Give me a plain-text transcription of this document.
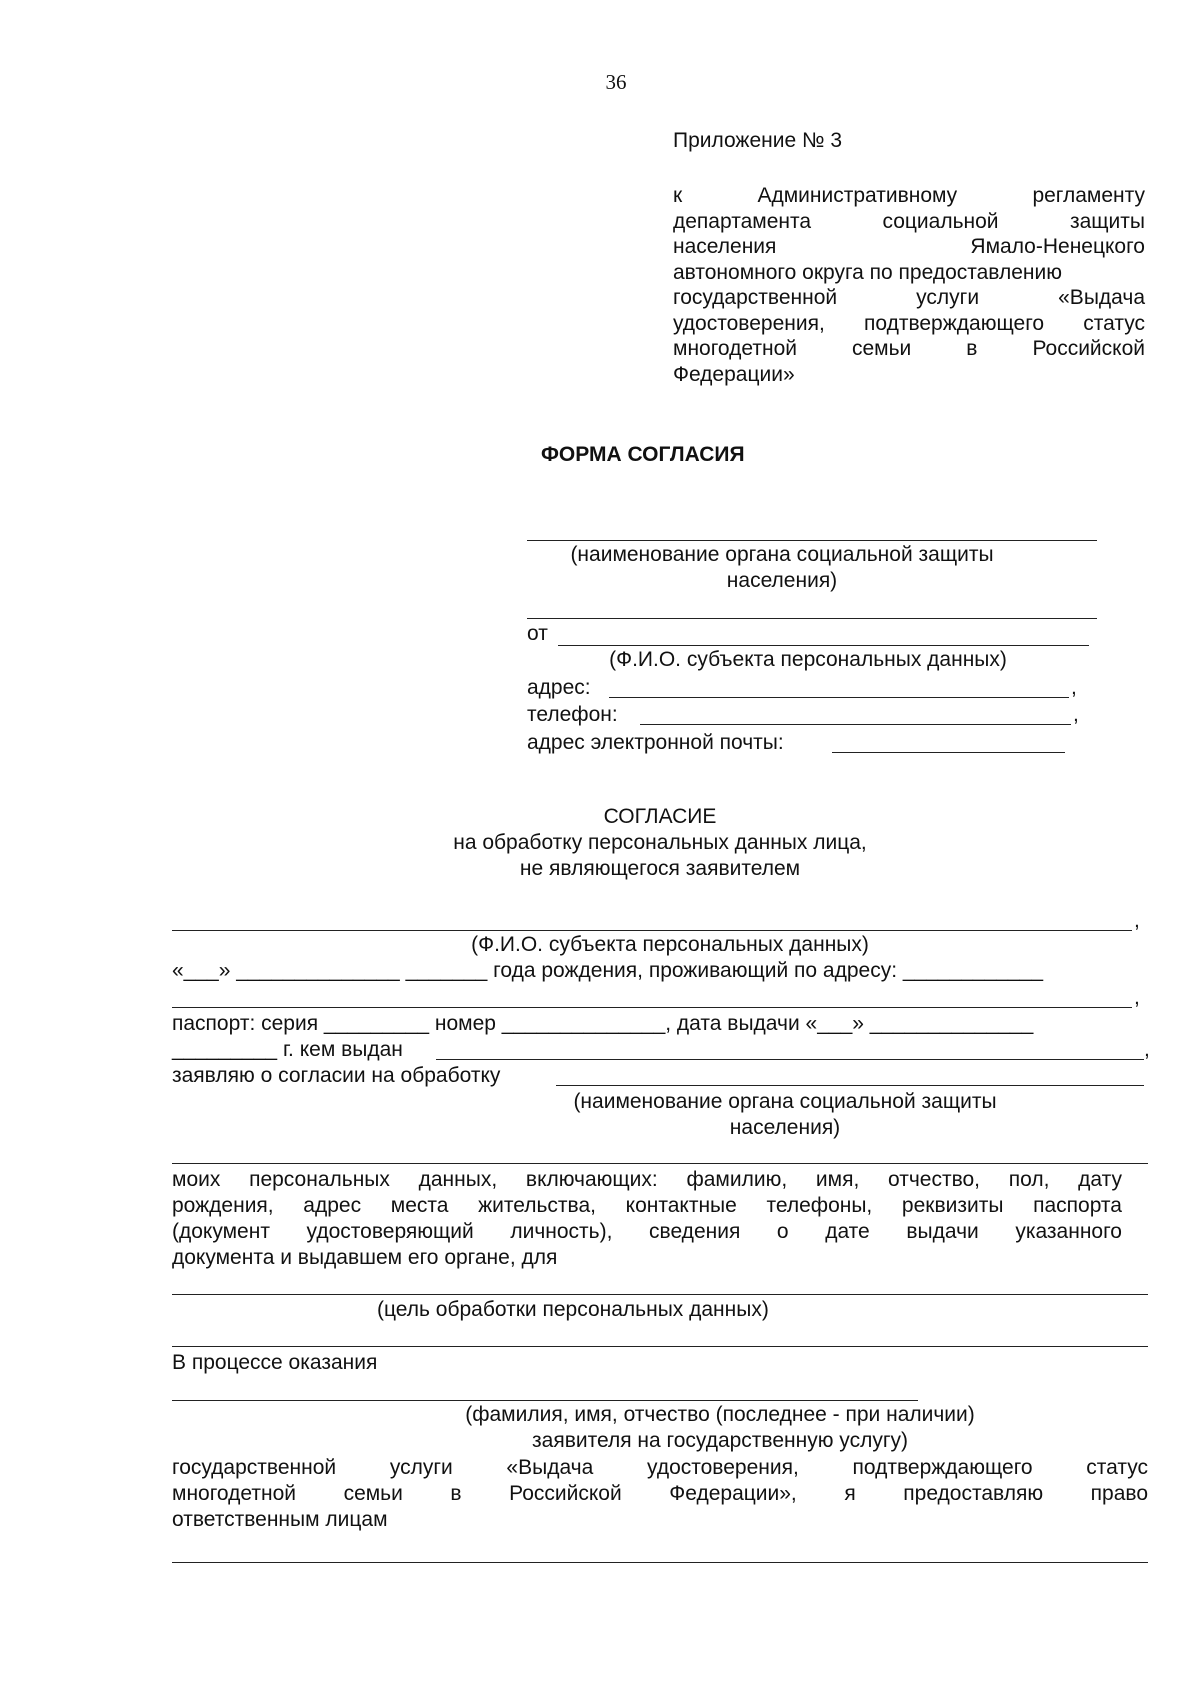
36
Приложение № 3
к Административному регламенту
департамента социальной защиты
населения Ямало-Ненецкого
автономного округа по предоставлению
государственной услуги «Выдача
удостоверения, подтверждающего статус
многодетной семьи в Российской
Федерации»
ФОРМА СОГЛАСИЯ
(наименование органа социальной защиты
населения)
от
(Ф.И.О. субъекта персональных данных)
адрес:	,
телефон:	,
адрес электронной почты:
СОГЛАСИЕ
на обработку персональных данных лица,
не являющегося заявителем
,
(Ф.И.О. субъекта персональных данных)
«___» ______________ _______ года рождения, проживающий по адресу: ____________
,
паспорт: серия _________ номер ______________, дата выдачи «___» ______________
_________ г. кем выдан	,
заявляю о согласии на обработку
(наименование органа социальной защиты
населения)
моих персональных данных, включающих: фамилию, имя, отчество, пол, дату
рождения, адрес места жительства, контактные телефоны, реквизиты паспорта
(документ удостоверяющий личность), сведения о дате выдачи указанного
документа и выдавшем его органе, для
(цель обработки персональных данных)
В процессе оказания
(фамилия, имя, отчество (последнее - при наличии)
заявителя на государственную услугу)
государственной услуги «Выдача удостоверения, подтверждающего статус
многодетной семьи в Российской Федерации», я предоставляю право
ответственным лицам
